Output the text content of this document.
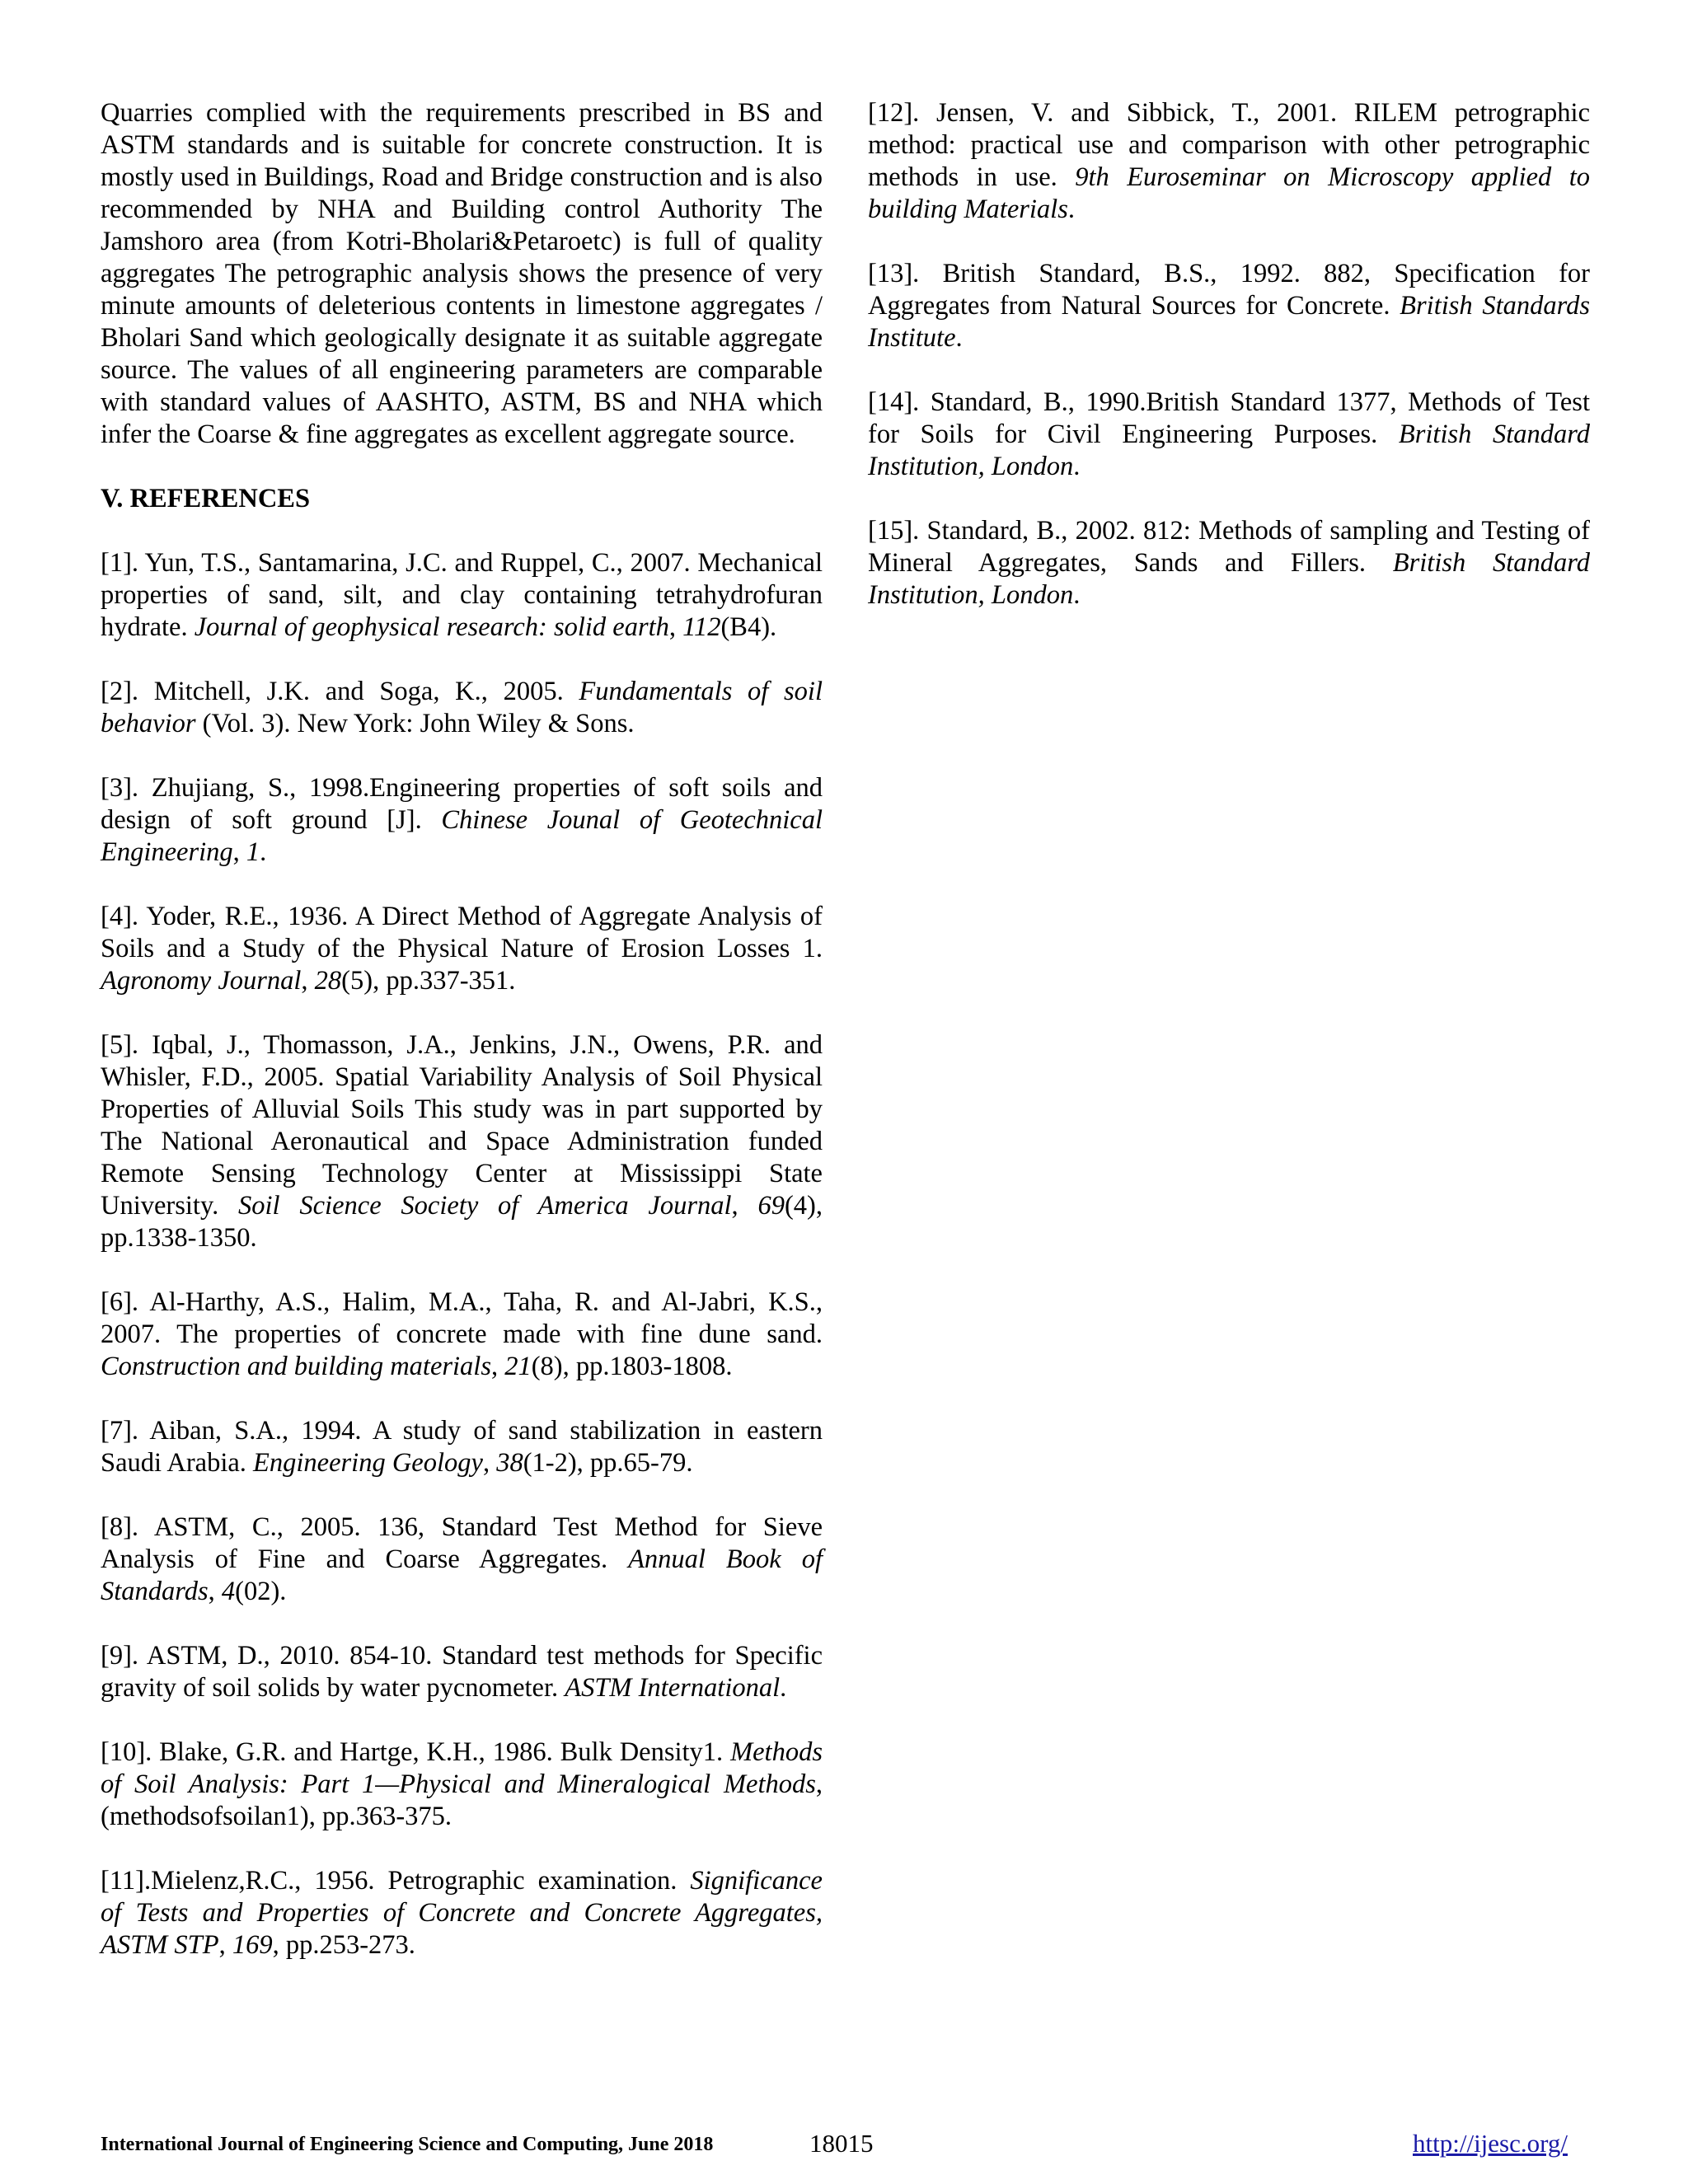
Quarries complied with the requirements prescribed in BS and ASTM standards and is suitable for concrete construction. It is mostly used in Buildings, Road and Bridge construction and is also recommended by NHA and Building control Authority The Jamshoro area (from Kotri-Bholari&Petaroetc) is full of quality aggregates The petrographic analysis shows the presence of very minute amounts of deleterious contents in limestone aggregates / Bholari Sand which geologically designate it as suitable aggregate source. The values of all engineering parameters are comparable with standard values of AASHTO, ASTM, BS and NHA which infer the Coarse & fine aggregates as excellent aggregate source.

V. REFERENCES

[1]. Yun, T.S., Santamarina, J.C. and Ruppel, C., 2007. Mechanical properties of sand, silt, and clay containing tetrahydrofuran hydrate. Journal of geophysical research: solid earth, 112(B4).

[2]. Mitchell, J.K. and Soga, K., 2005. Fundamentals of soil behavior (Vol. 3). New York: John Wiley & Sons.

[3]. Zhujiang, S., 1998.Engineering properties of soft soils and design of soft ground [J]. Chinese Jounal of Geotechnical Engineering, 1.

[4]. Yoder, R.E., 1936. A Direct Method of Aggregate Analysis of Soils and a Study of the Physical Nature of Erosion Losses 1. Agronomy Journal, 28(5), pp.337-351.

[5]. Iqbal, J., Thomasson, J.A., Jenkins, J.N., Owens, P.R. and Whisler, F.D., 2005. Spatial Variability Analysis of Soil Physical Properties of Alluvial Soils This study was in part supported by The National Aeronautical and Space Administration funded Remote Sensing Technology Center at Mississippi State University. Soil Science Society of America Journal, 69(4), pp.1338-1350.

[6]. Al-Harthy, A.S., Halim, M.A., Taha, R. and Al-Jabri, K.S., 2007. The properties of concrete made with fine dune sand. Construction and building materials, 21(8), pp.1803-1808.

[7]. Aiban, S.A., 1994. A study of sand stabilization in eastern Saudi Arabia. Engineering Geology, 38(1-2), pp.65-79.

[8]. ASTM, C., 2005. 136, Standard Test Method for Sieve Analysis of Fine and Coarse Aggregates. Annual Book of Standards, 4(02).

[9]. ASTM, D., 2010. 854-10. Standard test methods for Specific gravity of soil solids by water pycnometer. ASTM International.

[10]. Blake, G.R. and Hartge, K.H., 1986. Bulk Density1. Methods of Soil Analysis: Part 1—Physical and Mineralogical Methods, (methodsofsoilan1), pp.363-375.

[11].Mielenz,R.C., 1956. Petrographic examination. Significance of Tests and Properties of Concrete and Concrete Aggregates, ASTM STP, 169, pp.253-273.

[12]. Jensen, V. and Sibbick, T., 2001. RILEM petrographic method: practical use and comparison with other petrographic methods in use. 9th Euroseminar on Microscopy applied to building Materials.

[13]. British Standard, B.S., 1992. 882, Specification for Aggregates from Natural Sources for Concrete. British Standards Institute.

[14]. Standard, B., 1990.British Standard 1377, Methods of Test for Soils for Civil Engineering Purposes. British Standard Institution, London.

[15]. Standard, B., 2002. 812: Methods of sampling and Testing of Mineral Aggregates, Sands and Fillers. British Standard Institution, London.

International Journal of Engineering Science and Computing, June 2018	18015	http://ijesc.org/
